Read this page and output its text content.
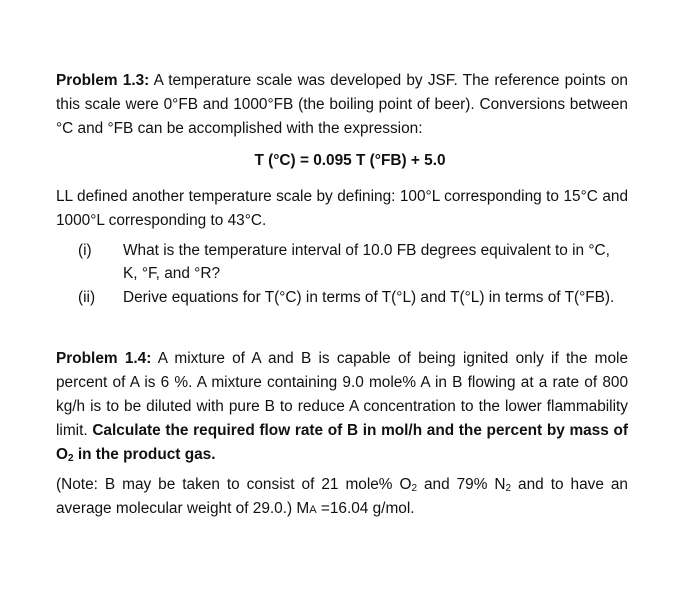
Problem 1.3: A temperature scale was developed by JSF. The reference points on this scale were 0°FB and 1000°FB (the boiling point of beer). Conversions between °C and °FB can be accomplished with the expression:

T (°C) = 0.095 T (°FB) + 5.0

LL defined another temperature scale by defining: 100°L corresponding to 15°C and 1000°L corresponding to 43°C.

(i)	What is the temperature interval of 10.0 FB degrees equivalent to in °C, K, °F, and °R?
(ii)	Derive equations for T(°C) in terms of T(°L) and T(°L) in terms of T(°FB).

Problem 1.4: A mixture of A and B is capable of being ignited only if the mole percent of A is 6 %. A mixture containing 9.0 mole% A in B flowing at a rate of 800 kg/h is to be diluted with pure B to reduce A concentration to the lower flammability limit. Calculate the required flow rate of B in mol/h and the percent by mass of $O_2$ in the product gas.

(Note: B may be taken to consist of 21 mole% $O_2$ and 79% $N_2$ and to have an average molecular weight of 29.0.) MA =16.04 g/mol.
